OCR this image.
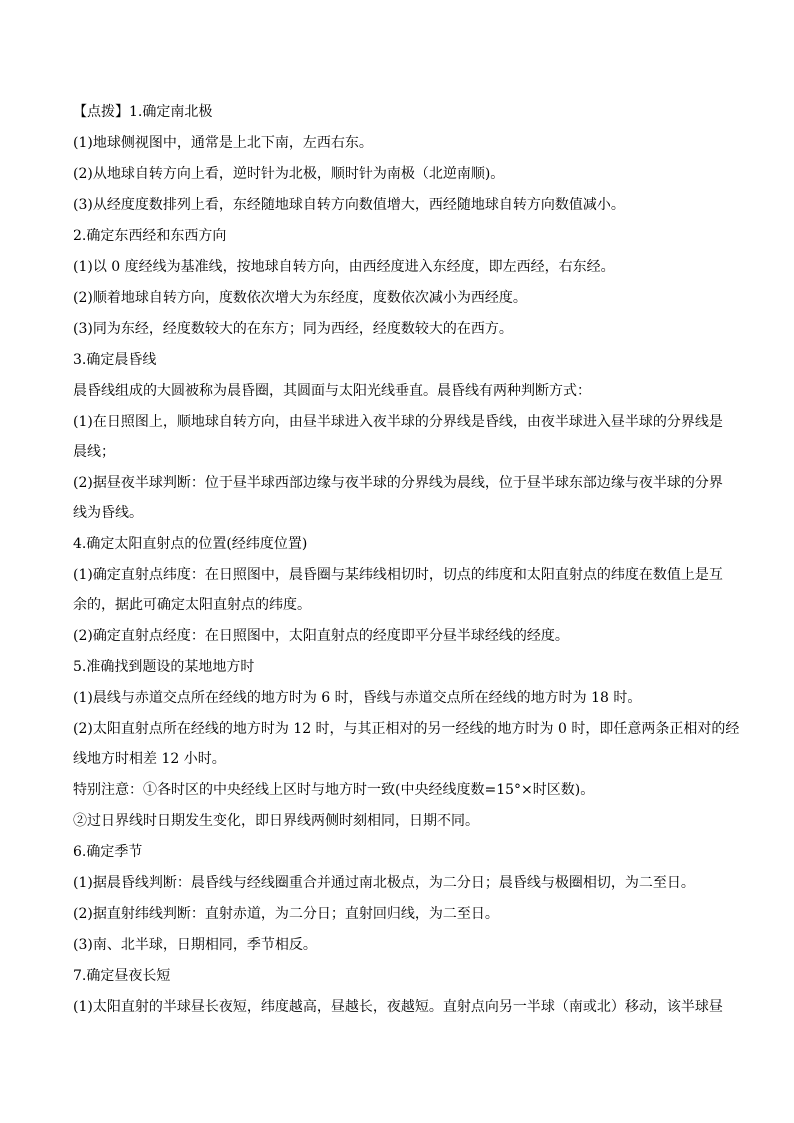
【点拨】1.确定南北极

(1)地球侧视图中，通常是上北下南，左西右东。

(2)从地球自转方向上看，逆时针为北极，顺时针为南极（北逆南顺)。

(3)从经度度数排列上看，东经随地球自转方向数值增大，西经随地球自转方向数值减小。

2.确定东西经和东西方向

(1)以 0 度经线为基准线，按地球自转方向，由西经度进入东经度，即左西经，右东经。

(2)顺着地球自转方向，度数依次增大为东经度，度数依次减小为西经度。

(3)同为东经，经度数较大的在东方；同为西经，经度数较大的在西方。

3.确定晨昏线

晨昏线组成的大圆被称为晨昏圈，其圆面与太阳光线垂直。晨昏线有两种判断方式：

(1)在日照图上，顺地球自转方向，由昼半球进入夜半球的分界线是昏线，由夜半球进入昼半球的分界线是

晨线；

(2)据昼夜半球判断：位于昼半球西部边缘与夜半球的分界线为晨线，位于昼半球东部边缘与夜半球的分界

线为昏线。

4.确定太阳直射点的位置(经纬度位置)

(1)确定直射点纬度：在日照图中，晨昏圈与某纬线相切时，切点的纬度和太阳直射点的纬度在数值上是互

余的，据此可确定太阳直射点的纬度。

(2)确定直射点经度：在日照图中，太阳直射点的经度即平分昼半球经线的经度。

5.准确找到题设的某地地方时

(1)晨线与赤道交点所在经线的地方时为 6 时，昏线与赤道交点所在经线的地方时为 18 时。

(2)太阳直射点所在经线的地方时为 12 时，与其正相对的另一经线的地方时为 0 时，即任意两条正相对的经

线地方时相差 12 小时。

特别注意：①各时区的中央经线上区时与地方时一致(中央经线度数=15°×时区数)。

②过日界线时日期发生变化，即日界线两侧时刻相同，日期不同。

6.确定季节

(1)据晨昏线判断：晨昏线与经线圈重合并通过南北极点，为二分日；晨昏线与极圈相切，为二至日。

(2)据直射纬线判断：直射赤道，为二分日；直射回归线，为二至日。

(3)南、北半球，日期相同，季节相反。

7.确定昼夜长短

(1)太阳直射的半球昼长夜短，纬度越高，昼越长，夜越短。直射点向另一半球（南或北）移动，该半球昼
